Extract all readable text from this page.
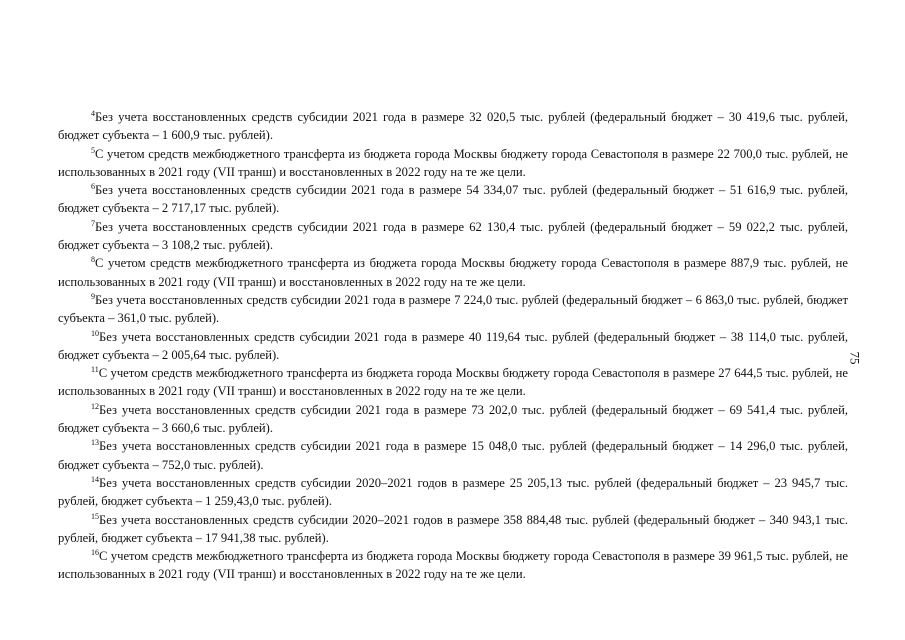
$^4$Без учета восстановленных средств субсидии 2021 года в размере 32 020,5 тыс. рублей (федеральный бюджет – 30 419,6 тыс. рублей, бюджет субъекта – 1 600,9 тыс. рублей).

$^5$С учетом средств межбюджетного трансферта из бюджета города Москвы бюджету города Севастополя в размере 22 700,0 тыс. рублей, не использованных в 2021 году (VII транш) и восстановленных в 2022 году на те же цели.

$^6$Без учета восстановленных средств субсидии 2021 года в размере 54 334,07 тыс. рублей (федеральный бюджет – 51 616,9 тыс. рублей, бюджет субъекта – 2 717,17 тыс. рублей).

$^7$Без учета восстановленных средств субсидии 2021 года в размере 62 130,4 тыс. рублей (федеральный бюджет – 59 022,2 тыс. рублей, бюджет субъекта – 3 108,2 тыс. рублей).

$^8$С учетом средств межбюджетного трансферта из бюджета города Москвы бюджету города Севастополя в размере 887,9 тыс. рублей, не использованных в 2021 году (VII транш) и восстановленных в 2022 году на те же цели.

$^9$Без учета восстановленных средств субсидии 2021 года в размере 7 224,0 тыс. рублей (федеральный бюджет – 6 863,0 тыс. рублей, бюджет субъекта – 361,0 тыс. рублей).

$^{10}$Без учета восстановленных средств субсидии 2021 года в размере 40 119,64 тыс. рублей (федеральный бюджет – 38 114,0 тыс. рублей, бюджет субъекта – 2 005,64 тыс. рублей).

$^{11}$С учетом средств межбюджетного трансферта из бюджета города Москвы бюджету города Севастополя в размере 27 644,5 тыс. рублей, не использованных в 2021 году (VII транш) и восстановленных в 2022 году на те же цели.

$^{12}$Без учета восстановленных средств субсидии 2021 года в размере 73 202,0 тыс. рублей (федеральный бюджет – 69 541,4 тыс. рублей, бюджет субъекта – 3 660,6 тыс. рублей).

$^{13}$Без учета восстановленных средств субсидии 2021 года в размере 15 048,0 тыс. рублей (федеральный бюджет – 14 296,0 тыс. рублей, бюджет субъекта – 752,0 тыс. рублей).

$^{14}$Без учета восстановленных средств субсидии 2020–2021 годов в размере 25 205,13 тыс. рублей (федеральный бюджет – 23 945,7 тыс. рублей, бюджет субъекта – 1 259,43,0 тыс. рублей).

$^{15}$Без учета восстановленных средств субсидии 2020–2021 годов в размере 358 884,48 тыс. рублей (федеральный бюджет – 340 943,1 тыс. рублей, бюджет субъекта – 17 941,38 тыс. рублей).

$^{16}$С учетом средств межбюджетного трансферта из бюджета города Москвы бюджету города Севастополя в размере 39 961,5 тыс. рублей, не использованных в 2021 году (VII транш) и восстановленных в 2022 году на те же цели.

75
